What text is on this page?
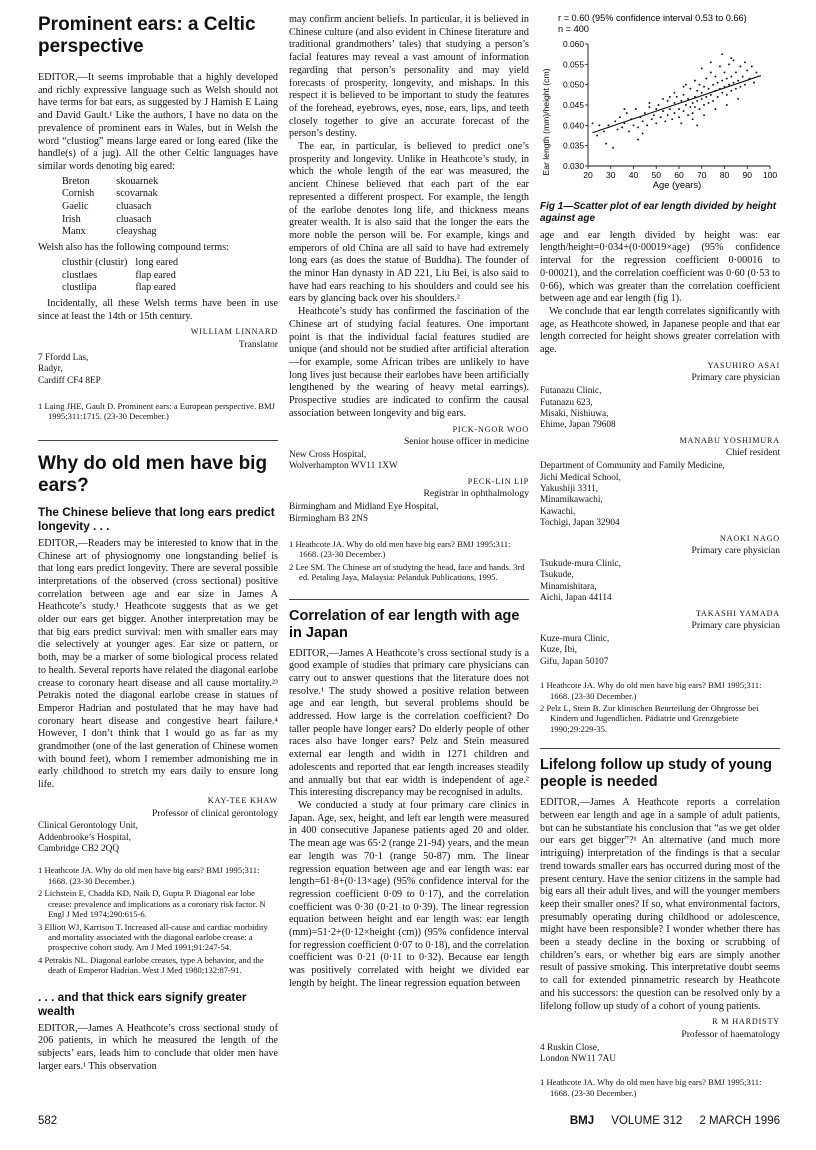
Prominent ears: a Celtic perspective

EDITOR,—It seems improbable that a highly developed and richly expressive language such as Welsh should not have terms for bat ears, as suggested by J Hamish E Laing and David Gault.¹ Like the authors, I have no data on the prevalence of prominent ears in Wales, but in Welsh the word “clustiog” means large eared or long eared (like the handle(s) of a jug). All the other Celtic languages have similar words denoting big eared:

Breton	skouarnek
Cornish	scovarnak
Gaelic	cluasach
Irish	cluasach
Manx	cleayshag

Welsh also has the following compound terms:

clusthir (clustir)	long eared
clustlaes	flap eared
clustlipa	flap eared

Incidentally, all these Welsh terms have been in use since at least the 14th or 15th century.

WILLIAM LINNARD
Translator
7 Ffordd Las,
Radyr,
Cardiff CF4 8EP
1 Laing JHE, Gault D. Prominent ears: a European perspective. BMJ 1995;311:1715. (23-30 December.)
Why do old men have big ears?
The Chinese believe that long ears predict longevity . . .

EDITOR,—Readers may be interested to know that in the Chinese art of physiognomy one longstanding belief is that long ears predict longevity. There are several possible interpretations of the observed (cross sectional) positive correlation between age and ear size in James A Heathcote’s study.¹ Heathcote suggests that as we get older our ears get bigger. Another interpretation may be that big ears predict survival: men with smaller ears may die selectively at younger ages. Ear size or pattern, or both, may be a marker of some biological process related to health. Several reports have related the diagonal earlobe crease to coronary heart disease and all cause mortality.²³ Petrakis noted the diagonal earlobe crease in statues of Emperor Hadrian and postulated that he may have had coronary heart disease and congestive heart failure.⁴ However, I don’t think that I would go as far as my grandmother (one of the last generation of Chinese women with bound feet), whom I remember admonishing me in early childhood to stretch my ears daily to ensure long life.

KAY-TEE KHAW
Professor of clinical gerontology
Clinical Gerontology Unit,
Addenbrooke’s Hospital,
Cambridge CB2 2QQ
1 Heathcote JA. Why do old men have big ears? BMJ 1995;311: 1668. (23-30 December.)
2 Lichstein E, Chadda KD, Naik D, Gupta P. Diagonal ear lobe crease: prevalence and implications as a coronary risk factor. N Engl J Med 1974;290:615-6.
3 Elliott WJ, Karrison T. Increased all-cause and cardiac morbidity and mortality associated with the diagonal earlobe crease: a prospective cohort study. Am J Med 1991;91:247-54.
4 Petrakis NL. Diagonal earlobe creases, type A behavior, and the death of Emperor Hadrian. West J Med 1980;132:87-91.
. . . and that thick ears signify greater wealth

EDITOR,—James A Heathcote’s cross sectional study of 206 patients, in which he measured the length of the subjects’ ears, leads him to conclude that older men have larger ears.¹ This observation

may confirm ancient beliefs. In particular, it is believed in Chinese culture (and also evident in Chinese literature and traditional grandmothers’ tales) that studying a person’s facial features may reveal a vast amount of information regarding that person’s personality and may yield forecasts of prosperity, longevity, and mishaps. In this respect it is believed to be important to study the features of the forehead, eyebrows, eyes, nose, ears, lips, and teeth closely together to give an accurate forecast of the person’s destiny.

The ear, in particular, is believed to predict one’s prosperity and longevity. Unlike in Heathcote’s study, in which the whole length of the ear was measured, the ancient Chinese believed that each part of the ear represented a different prospect. For example, the length of the earlobe denotes long life, and thickness means greater wealth. It is also said that the longer the ears the more noble the person will be. For example, kings and emperors of old China are all said to have had extremely long ears (as does the statue of Buddha). The founder of the minor Han dynasty in AD 221, Liu Bei, is also said to have had ears reaching to his shoulders and could see his ears by glancing back over his shoulders.²

Heathcote’s study has confirmed the fascination of the Chinese art of studying facial features. One important point is that the individual facial features studied are unique (and should not be studied after artificial alteration—for example, some African tribes are unlikely to have long lives just because their earlobes have been artificially lengthened by the wearing of heavy metal earrings). Prospective studies are indicated to confirm the causal association between longevity and big ears.

PICK-NGOR WOO
Senior house officer in medicine
New Cross Hospital,
Wolverhampton WV11 1XW
PECK-LIN LIP
Registrar in ophthalmology
Birmingham and Midland Eye Hospital,
Birmingham B3 2NS
1 Heathcote JA. Why do old men have big ears? BMJ 1995;311: 1668. (23-30 December.)
2 Lee SM. The Chinese art of studying the head, face and hands. 3rd ed. Petaling Jaya, Malaysia: Pelanduk Publications, 1995.
Correlation of ear length with age in Japan

EDITOR,—James A Heathcote’s cross sectional study is a good example of studies that primary care physicians can carry out to answer questions that the literature does not resolve.¹ The study showed a positive relation between age and ear length, but several problems should be addressed. How large is the correlation coefficient? Do taller people have longer ears? Do elderly people of other races also have longer ears? Pelz and Stein measured external ear length and width in 1271 children and adolescents and reported that ear length increases steadily and annually but that ear width is independent of age.² This interesting discrepancy may be recognised in adults.

We conducted a study at four primary care clinics in Japan. Age, sex, height, and left ear length were measured in 400 consecutive Japanese patients aged 20 and older. The mean age was 65·2 (range 21-94) years, and the mean ear length was 70·1 (range 50-87) mm. The linear regression equation between age and ear length was: ear length=61·8+(0·13×age) (95% confidence interval for the regression coefficient 0·09 to 0·17), and the correlation coefficient was 0·30 (0·21 to 0·39). The linear regression equation between height and ear length was: ear length (mm)=51·2+(0·12×height (cm)) (95% confidence interval for regression coefficient 0·07 to 0·18), and the correlation coefficient was 0·21 (0·11 to 0·32). Because ear length was positively correlated with height we divided ear length by height. The linear regression equation between

r = 0.60 (95% confidence interval 0.53 to 0.66)
n = 400
Ear length (mm)/height (cm)
Age (years)
0.030
0.035
0.040
0.045
0.050
0.055
0.060
20 30 40 50 60 70 80 90 100
Fig 1—Scatter plot of ear length divided by height against age

age and ear length divided by height was: ear length/height=0·034+(0·00019×age) (95% confidence interval for the regression coefficient 0·00016 to 0·00021), and the correlation coefficient was 0·60 (0·53 to 0·66), which was greater than the correlation coefficient between age and ear length (fig 1).

We conclude that ear length correlates significantly with age, as Heathcote showed, in Japanese people and that ear length corrected for height shows greater correlation with age.

YASUHIRO ASAI
Primary care physician
Futanazu Clinic,
Futanazu 623,
Misaki, Nishiuwa,
Ehime, Japan 79608
MANABU YOSHIMURA
Chief resident
Department of Community and Family Medicine,
Jichi Medical School,
Yakushiji 3311,
Minamikawachi,
Kawachi,
Tochigi, Japan 32904
NAOKI NAGO
Primary care physician
Tsukude-mura Clinic,
Tsukude,
Minamishitara,
Aichi, Japan 44114
TAKASHI YAMADA
Primary care physician
Kuze-mura Clinic,
Kuze, Ibi,
Gifu, Japan 50107
1 Heathcote JA. Why do old men have big ears? BMJ 1995;311: 1668. (23-30 December.)
2 Pelz L, Stein B. Zur klinischen Beurteilung der Ohrgrosse bei Kindern und Jugendlichen. Pädiatrie und Grenzgebiete 1990;29:229-35.
Lifelong follow up study of young people is needed

EDITOR,—James A Heathcote reports a correlation between ear length and age in a sample of adult patients, but can he substantiate his conclusion that “as we get older our ears get bigger”?¹ An alternative (and much more intriguing) interpretation of the findings is that a secular trend towards smaller ears has occurred during most of the present century. Have the senior citizens in the sample had big ears all their adult lives, and will the younger members keep their smaller ones? If so, what environmental factors, presumably operating during childhood or adolescence, might have been responsible? I wonder whether there has been a steady decline in the boxing or scrubbing of children’s ears, or whether big ears are simply another result of passive smoking. This interpretative doubt seems to call for extended pinnametric research by Heathcote and his successors: the question can be resolved only by a lifelong follow up study of a cohort of young patients.

R M HARDISTY
Professor of haematology
4 Ruskin Close,
London NW11 7AU
1 Heathcote JA. Why do old men have big ears? BMJ 1995;311: 1668. (23-30 December.)
582	BMJ VOLUME 312 2 MARCH 1996
